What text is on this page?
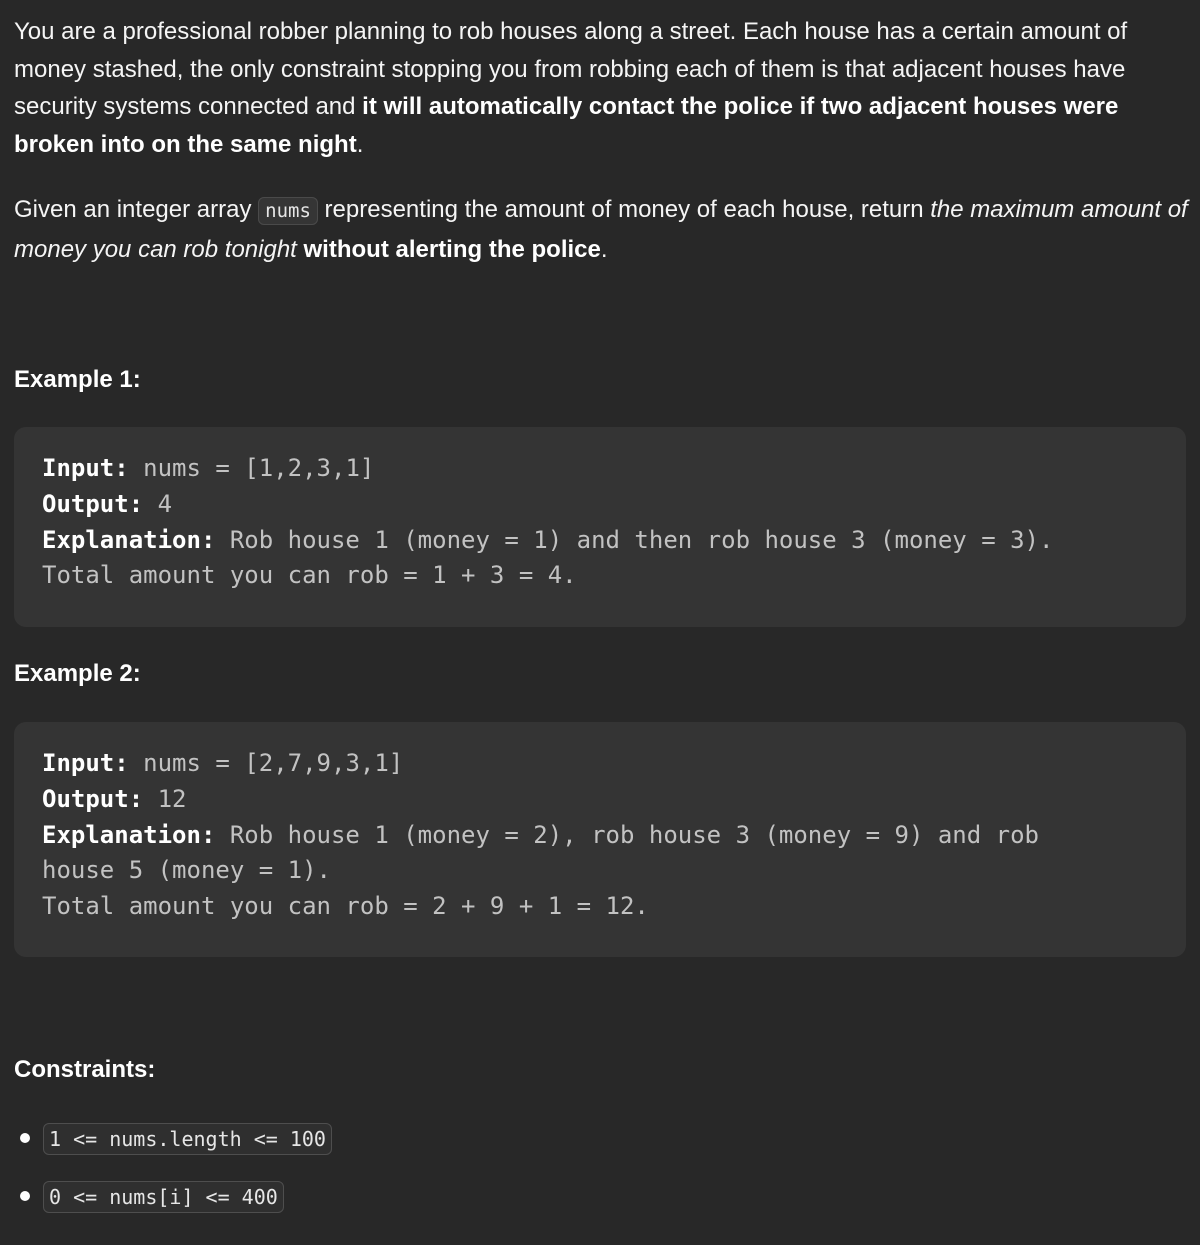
You are a professional robber planning to rob houses along a street. Each house has a certain amount of money stashed, the only constraint stopping you from robbing each of them is that adjacent houses have security systems connected and it will automatically contact the police if two adjacent houses were broken into on the same night.

Given an integer array nums representing the amount of money of each house, return the maximum amount of money you can rob tonight without alerting the police.

Example 1:
Input: nums = [1,2,3,1]
Output: 4
Explanation: Rob house 1 (money = 1) and then rob house 3 (money = 3).
Total amount you can rob = 1 + 3 = 4.
Example 2:
Input: nums = [2,7,9,3,1]
Output: 12
Explanation: Rob house 1 (money = 2), rob house 3 (money = 9) and rob
house 5 (money = 1).
Total amount you can rob = 2 + 9 + 1 = 12.
Constraints:
1 <= nums.length <= 100
0 <= nums[i] <= 400
